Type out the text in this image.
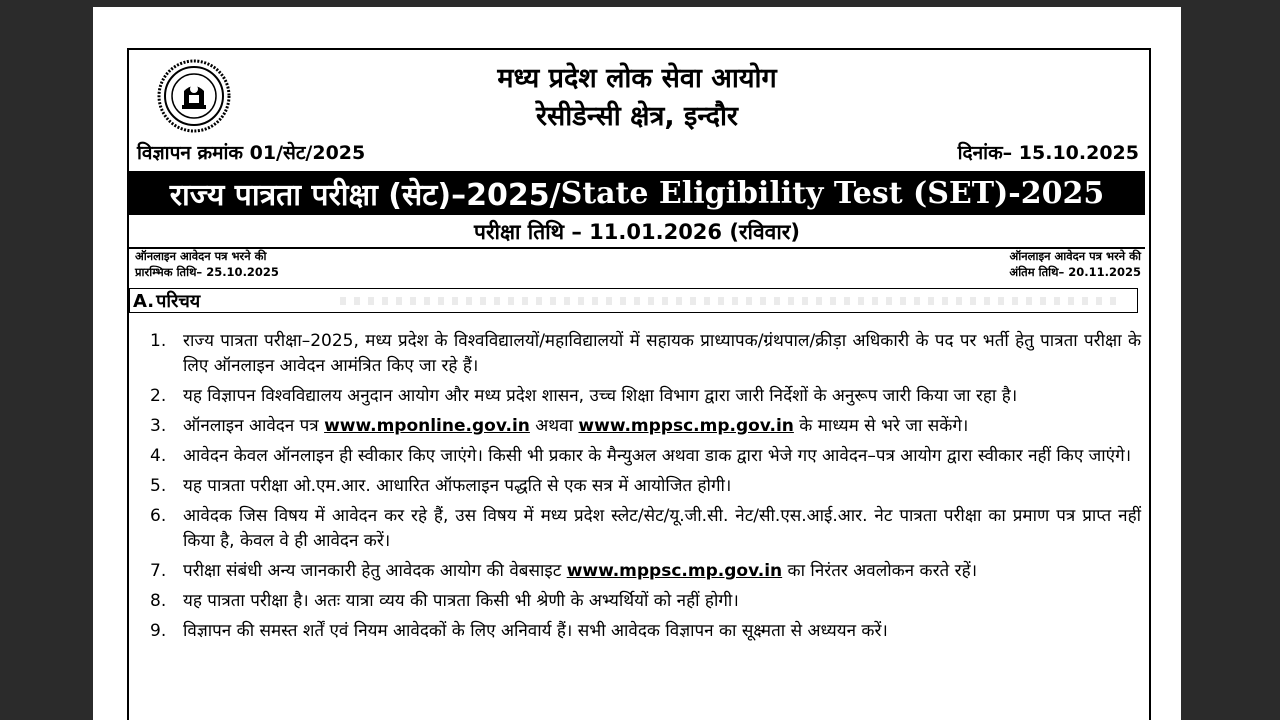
मध्य प्रदेश लोक सेवा आयोग
रेसीडेन्सी क्षेत्र, इन्दौर
विज्ञापन क्रमांक 01/सेट/2025	दिनांक– 15.10.2025
राज्य पात्रता परीक्षा (सेट)–2025/ State Eligibility Test (SET)-2025
परीक्षा तिथि – 11.01.2026 (रविवार)
ऑनलाइन आवेदन पत्र भरने की
प्रारम्भिक तिथि– 25.10.2025
ऑनलाइन आवेदन पत्र भरने की
अंतिम तिथि– 20.11.2025
A. परिचय
1. राज्य पात्रता परीक्षा–2025, मध्य प्रदेश के विश्वविद्यालयों/महाविद्यालयों में सहायक प्राध्यापक/ग्रंथपाल/क्रीड़ा अधिकारी के पद पर भर्ती हेतु पात्रता परीक्षा के लिए ऑनलाइन आवेदन आमंत्रित किए जा रहे हैं।
2. यह विज्ञापन विश्वविद्यालय अनुदान आयोग और मध्य प्रदेश शासन, उच्च शिक्षा विभाग द्वारा जारी निर्देशों के अनुरूप जारी किया जा रहा है।
3. ऑनलाइन आवेदन पत्र www.mponline.gov.in अथवा www.mppsc.mp.gov.in के माध्यम से भरे जा सकेंगे।
4. आवेदन केवल ऑनलाइन ही स्वीकार किए जाएंगे। किसी भी प्रकार के मैन्युअल अथवा डाक द्वारा भेजे गए आवेदन–पत्र आयोग द्वारा स्वीकार नहीं किए जाएंगे।
5. यह पात्रता परीक्षा ओ.एम.आर. आधारित ऑफलाइन पद्धति से एक सत्र में आयोजित होगी।
6. आवेदक जिस विषय में आवेदन कर रहे हैं, उस विषय में मध्य प्रदेश स्लेट/सेट/यू.जी.सी. नेट/सी.एस.आई.आर. नेट पात्रता परीक्षा का प्रमाण पत्र प्राप्त नहीं किया है, केवल वे ही आवेदन करें।
7. परीक्षा संबंधी अन्य जानकारी हेतु आवेदक आयोग की वेबसाइट www.mppsc.mp.gov.in का निरंतर अवलोकन करते रहें।
8. यह पात्रता परीक्षा है। अतः यात्रा व्यय की पात्रता किसी भी श्रेणी के अभ्यर्थियों को नहीं होगी।
9. विज्ञापन की समस्त शर्तें एवं नियम आवेदकों के लिए अनिवार्य हैं। सभी आवेदक विज्ञापन का सूक्ष्मता से अध्ययन करें।
